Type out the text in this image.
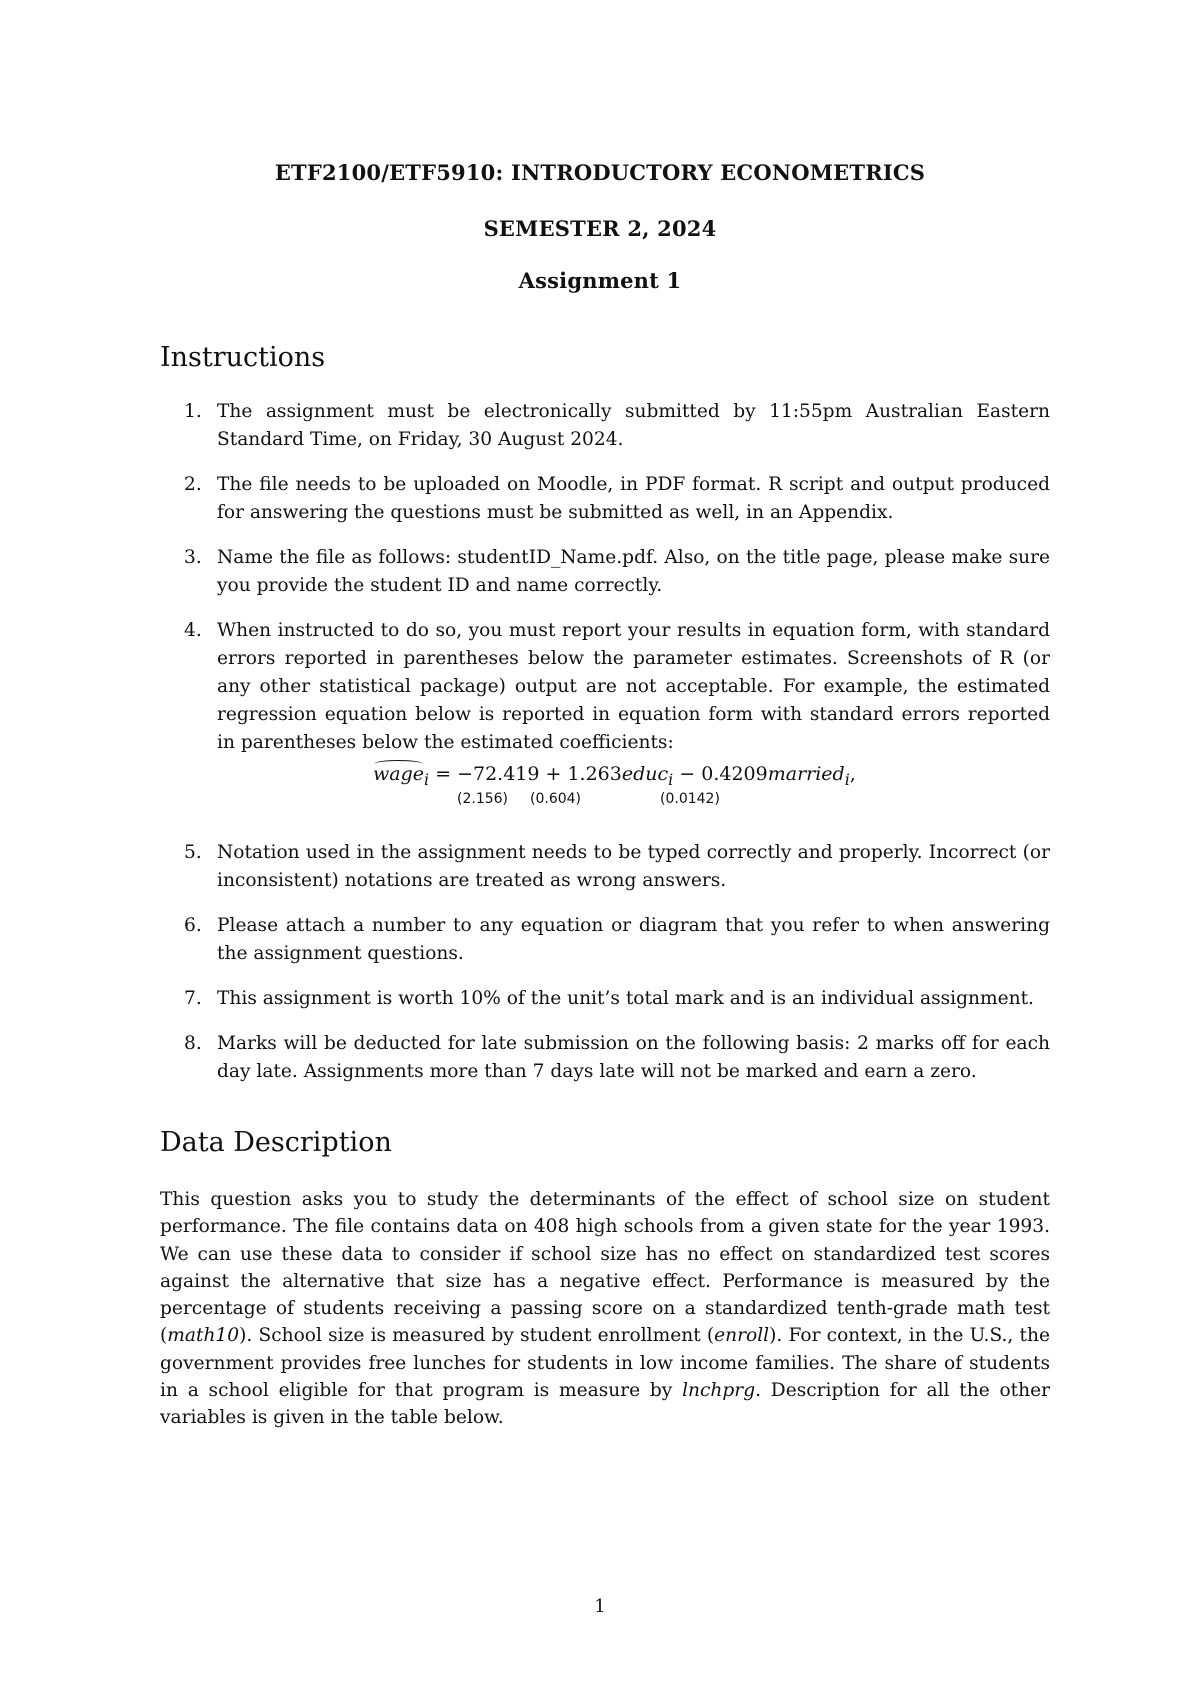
ETF2100/ETF5910: INTRODUCTORY ECONOMETRICS
SEMESTER 2, 2024
Assignment 1
Instructions
1. The assignment must be electronically submitted by 11:55pm Australian Eastern Standard Time, on Friday, 30 August 2024.
2. The file needs to be uploaded on Moodle, in PDF format. R script and output produced for answering the questions must be submitted as well, in an Appendix.
3. Name the file as follows: studentID_Name.pdf. Also, on the title page, please make sure you provide the student ID and name correctly.
4. When instructed to do so, you must report your results in equation form, with standard errors reported in parentheses below the parameter estimates. Screenshots of R (or any other statistical package) output are not acceptable. For example, the estimated regression equation below is reported in equation form with standard errors reported in parentheses below the estimated coefficients:
wage$_i$ = −72.419 + 1.263educ$_i$ − 0.4209married$_i$,
(2.156) (0.604)	(0.0142)
5. Notation used in the assignment needs to be typed correctly and properly. Incorrect (or inconsistent) notations are treated as wrong answers.
6. Please attach a number to any equation or diagram that you refer to when answering the assignment questions.
7. This assignment is worth 10% of the unit’s total mark and is an individual assignment.
8. Marks will be deducted for late submission on the following basis: 2 marks off for each day late. Assignments more than 7 days late will not be marked and earn a zero.
Data Description
This question asks you to study the determinants of the effect of school size on student performance. The file contains data on 408 high schools from a given state for the year 1993. We can use these data to consider if school size has no effect on standardized test scores against the alternative that size has a negative effect. Performance is measured by the percentage of students receiving a passing score on a standardized tenth-grade math test (math10). School size is measured by student enrollment (enroll). For context, in the U.S., the government provides free lunches for students in low income families. The share of students in a school eligible for that program is measure by lnchprg. Description for all the other variables is given in the table below.
1
